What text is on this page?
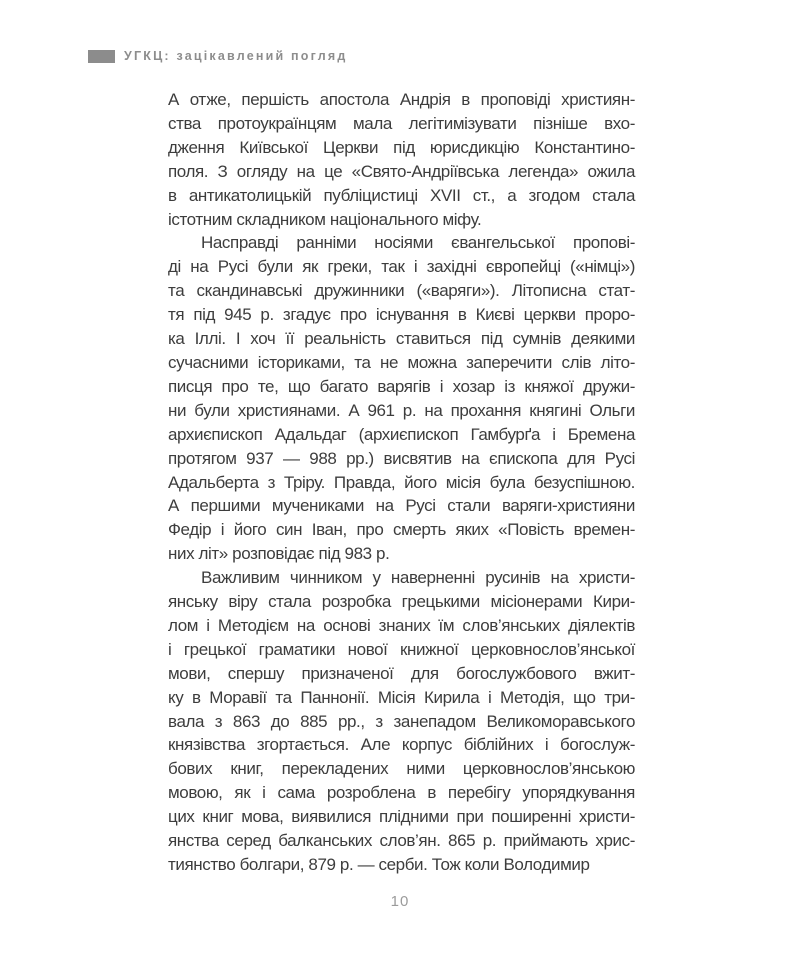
УГКЦ: зацікавлений погляд
А отже, першість апостола Андрія в проповіді християн-
ства протоукраїнцям мала легітимізувати пізніше вхо-
дження Київської Церкви під юрисдикцію Константино-
поля. З огляду на це «Свято-Андріївська легенда» ожила
в антикатолицькій публіцистиці XVII ст., а згодом стала
істотним складником національного міфу.
Насправді ранніми носіями євангельської пропові-
ді на Русі були як греки, так і західні європейці («німці»)
та скандинавські дружинники («варяги»). Літописна стат-
тя під 945 р. згадує про існування в Києві церкви проро-
ка Іллі. І хоч її реальність ставиться під сумнів деякими
сучасними істориками, та не можна заперечити слів літо-
писця про те, що багато варягів і хозар із княжої дружи-
ни були християнами. А 961 р. на прохання княгині Ольги
архиєпископ Адальдаг (архиєпископ Гамбурґа і Бремена
протягом 937 — 988 рр.) висвятив на єпископа для Русі
Адальберта з Тріру. Правда, його місія була безуспішною.
А першими мучениками на Русі стали варяги-християни
Федір і його син Іван, про смерть яких «Повість времен-
них літ» розповідає під 983 р.
Важливим чинником у наверненні русинів на христи-
янську віру стала розробка грецькими місіонерами Кири-
лом і Методієм на основі знаних їм слов’янських діялектів
і грецької граматики нової книжної церковнослов’янської
мови, спершу призначеної для богослужбового вжит-
ку в Моравії та Паннонії. Місія Кирила і Методія, що три-
вала з 863 до 885 рр., з занепадом Великоморавського
князівства згортається. Але корпус біблійних і богослуж-
бових книг, перекладених ними церковнослов’янською
мовою, як і сама розроблена в перебігу упорядкування
цих книг мова, виявилися плідними при поширенні христи-
янства серед балканських слов’ян. 865 р. приймають хрис-
тиянство болгари, 879 р. — серби. Тож коли Володимир
10
